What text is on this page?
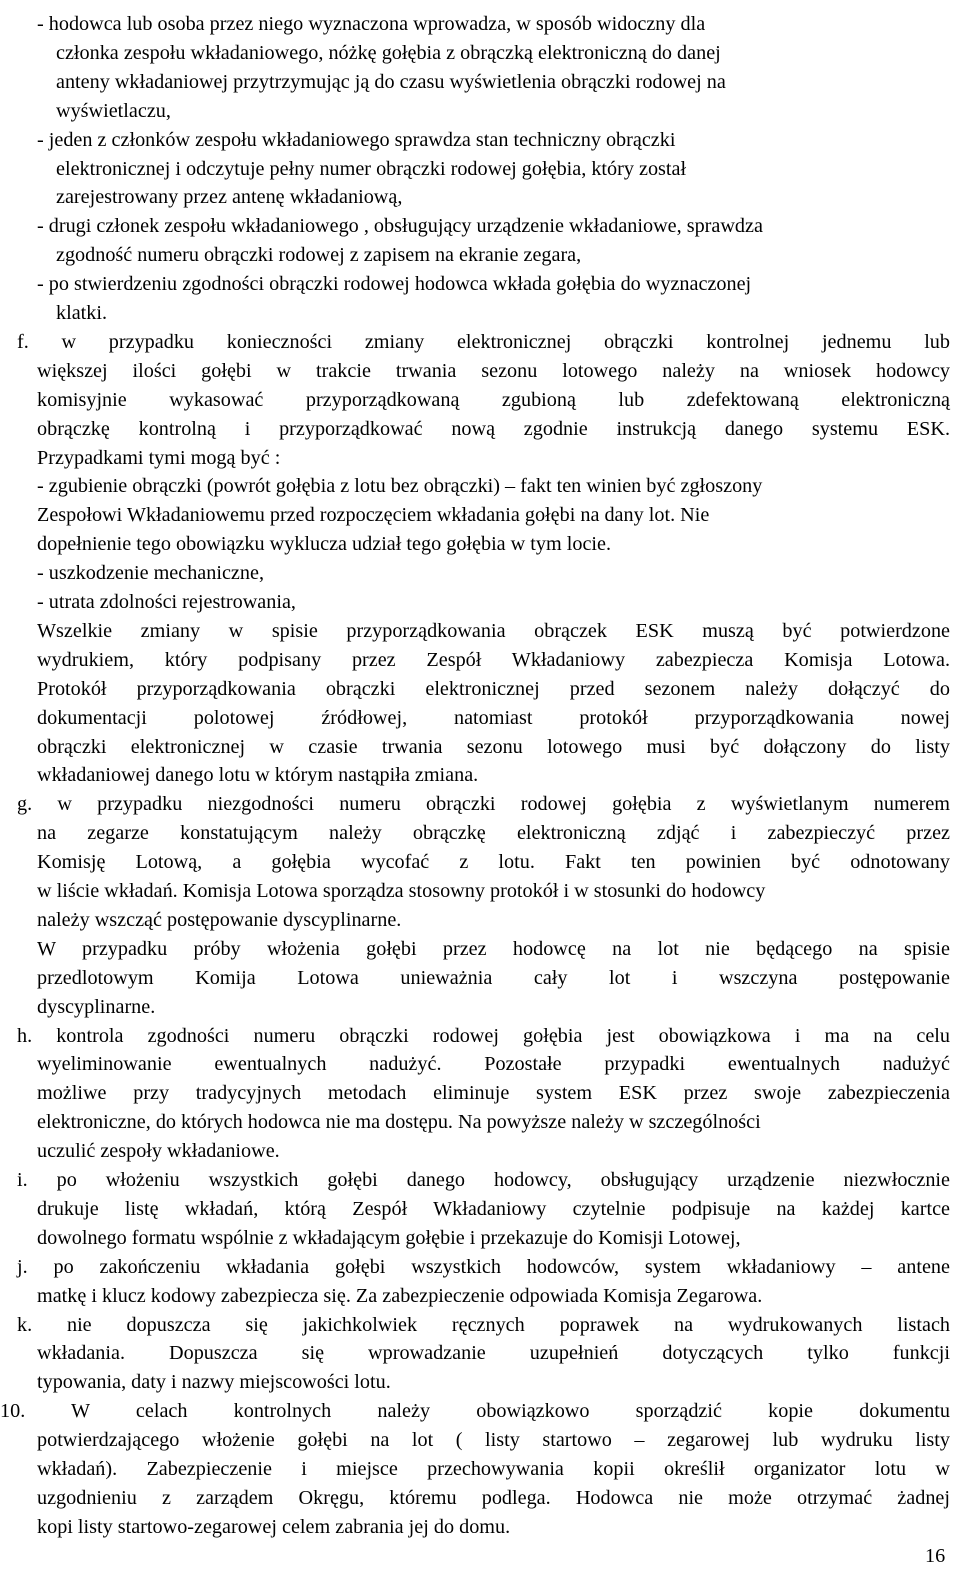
- hodowca lub osoba przez niego wyznaczona wprowadza, w sposób widoczny dla
członka zespołu wkładaniowego, nóżkę gołębia z obrączką elektroniczną do danej
anteny wkładaniowej przytrzymując ją do czasu wyświetlenia obrączki rodowej na
wyświetlaczu,
- jeden z członków zespołu wkładaniowego sprawdza stan techniczny obrączki
elektronicznej i odczytuje pełny numer obrączki rodowej gołębia, który został
zarejestrowany przez antenę wkładaniową,
- drugi członek zespołu wkładaniowego , obsługujący urządzenie wkładaniowe, sprawdza
zgodność numeru obrączki rodowej z zapisem na ekranie zegara,
- po stwierdzeniu zgodności obrączki rodowej hodowca wkłada gołębia do wyznaczonej
klatki.
f. w przypadku konieczności zmiany elektronicznej obrączki kontrolnej jednemu lub
większej ilości gołębi w trakcie trwania sezonu lotowego należy na wniosek hodowcy
komisyjnie wykasować przyporządkowaną zgubioną lub zdefektowaną elektroniczną
obrączkę kontrolną i przyporządkować nową zgodnie instrukcją danego systemu ESK.
Przypadkami tymi mogą być :
- zgubienie obrączki (powrót gołębia z lotu bez obrączki) – fakt ten winien być zgłoszony
Zespołowi Wkładaniowemu przed rozpoczęciem wkładania gołębi na dany lot. Nie
dopełnienie tego obowiązku wyklucza udział tego gołębia w tym locie.
- uszkodzenie mechaniczne,
- utrata zdolności rejestrowania,
Wszelkie zmiany w spisie przyporządkowania obrączek ESK muszą być potwierdzone
wydrukiem, który podpisany przez Zespół Wkładaniowy zabezpiecza Komisja Lotowa.
Protokół przyporządkowania obrączki elektronicznej przed sezonem należy dołączyć do
dokumentacji polotowej źródłowej, natomiast protokół przyporządkowania nowej
obrączki elektronicznej w czasie trwania sezonu lotowego musi być dołączony do listy
wkładaniowej danego lotu w którym nastąpiła zmiana.
g. w przypadku niezgodności numeru obrączki rodowej gołębia z wyświetlanym numerem
na zegarze konstatującym należy obrączkę elektroniczną zdjąć i zabezpieczyć przez
Komisję Lotową, a gołębia wycofać z lotu. Fakt ten powinien być odnotowany
w liście wkładań. Komisja Lotowa sporządza stosowny protokół i w stosunki do hodowcy
należy wszcząć postępowanie dyscyplinarne.
W przypadku próby włożenia gołębi przez hodowcę na lot nie będącego na spisie
przedlotowym Komija Lotowa unieważnia cały lot i wszczyna postępowanie
dyscyplinarne.
h. kontrola zgodności numeru obrączki rodowej gołębia jest obowiązkowa i ma na celu
wyeliminowanie ewentualnych nadużyć. Pozostałe przypadki ewentualnych nadużyć
możliwe przy tradycyjnych metodach eliminuje system ESK przez swoje zabezpieczenia
elektroniczne, do których hodowca nie ma dostępu. Na powyższe należy w szczególności
uczulić zespoły wkładaniowe.
i. po włożeniu wszystkich gołębi danego hodowcy, obsługujący urządzenie niezwłocznie
drukuje listę wkładań, którą Zespół Wkładaniowy czytelnie podpisuje na każdej kartce
dowolnego formatu wspólnie z wkładającym gołębie i przekazuje do Komisji Lotowej,
j. po zakończeniu wkładania gołębi wszystkich hodowców, system wkładaniowy – antene
matkę i klucz kodowy zabezpiecza się. Za zabezpieczenie odpowiada Komisja Zegarowa.
k. nie dopuszcza się jakichkolwiek ręcznych poprawek na wydrukowanych listach
wkładania. Dopuszcza się wprowadzanie uzupełnień dotyczących tylko funkcji
typowania, daty i nazwy miejscowości lotu.
10. W celach kontrolnych należy obowiązkowo sporządzić kopie dokumentu
potwierdzającego włożenie gołębi na lot ( listy startowo – zegarowej lub wydruku listy
wkładań). Zabezpieczenie i miejsce przechowywania kopii określił organizator lotu w
uzgodnieniu z zarządem Okręgu, któremu podlega. Hodowca nie może otrzymać żadnej
kopi listy startowo-zegarowej celem zabrania jej do domu.
16
